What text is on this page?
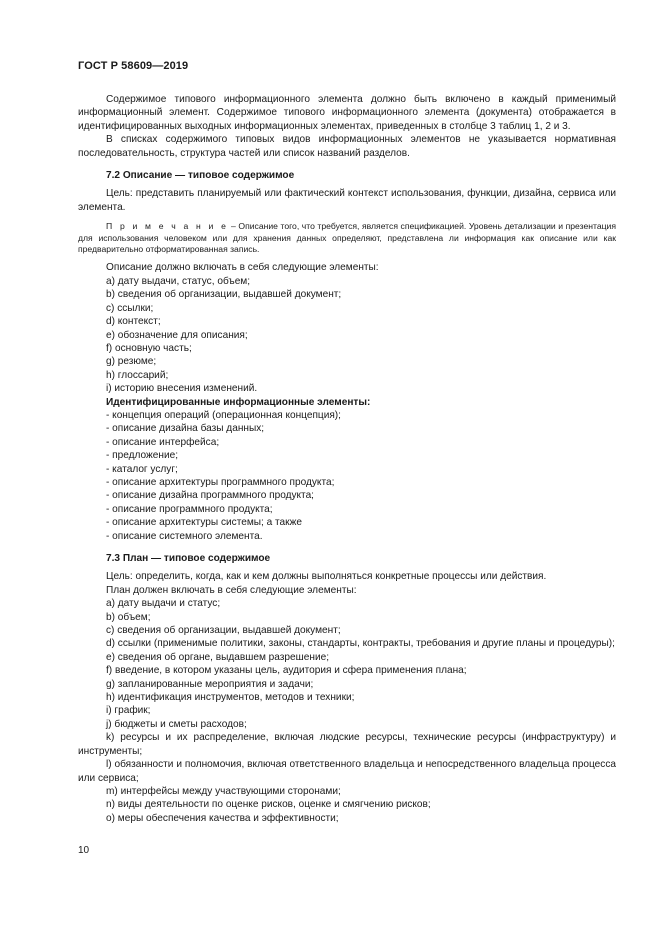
ГОСТ Р 58609—2019

Содержимое типового информационного элемента должно быть включено в каждый применимый информационный элемент. Содержимое типового информационного элемента (документа) отображается в идентифицированных выходных информационных элементах, приведенных в столбце 3 таблиц 1, 2 и 3.

В списках содержимого типовых видов информационных элементов не указывается нормативная последовательность, структура частей или список названий разделов.

7.2 Описание — типовое содержимое

Цель: представить планируемый или фактический контекст использования, функции, дизайна, сервиса или элемента.

П р и м е ч а н и е – Описание того, что требуется, является спецификацией. Уровень детализации и презентация для использования человеком или для хранения данных определяют, представлена ли информация как описание или как предварительно отформатированная запись.

Описание должно включать в себя следующие элементы:

a) дату выдачи, статус, объем;

b) сведения об организации, выдавшей документ;

c) ссылки;

d) контекст;

e) обозначение для описания;

f) основную часть;

g) резюме;

h) глоссарий;

i) историю внесения изменений.

Идентифицированные информационные элементы:

- концепция операций (операционная концепция);

- описание дизайна базы данных;

- описание интерфейса;

- предложение;

- каталог услуг;

- описание архитектуры программного продукта;

- описание дизайна программного продукта;

- описание программного продукта;

- описание архитектуры системы; а также

- описание системного элемента.

7.3 План — типовое содержимое

Цель: определить, когда, как и кем должны выполняться конкретные процессы или действия.

План должен включать в себя следующие элементы:

a) дату выдачи и статус;

b) объем;

c) сведения об организации, выдавшей документ;

d) ссылки (применимые политики, законы, стандарты, контракты, требования и другие планы и процедуры);

e) сведения об органе, выдавшем разрешение;

f) введение, в котором указаны цель, аудитория и сфера применения плана;

g) запланированные мероприятия и задачи;

h) идентификация инструментов, методов и техники;

i) график;

j) бюджеты и сметы расходов;

k) ресурсы и их распределение, включая людские ресурсы, технические ресурсы (инфраструктуру) и инструменты;

l) обязанности и полномочия, включая ответственного владельца и непосредственного владельца процесса или сервиса;

m) интерфейсы между участвующими сторонами;

n) виды деятельности по оценке рисков, оценке и смягчению рисков;

o) меры обеспечения качества и эффективности;

10
